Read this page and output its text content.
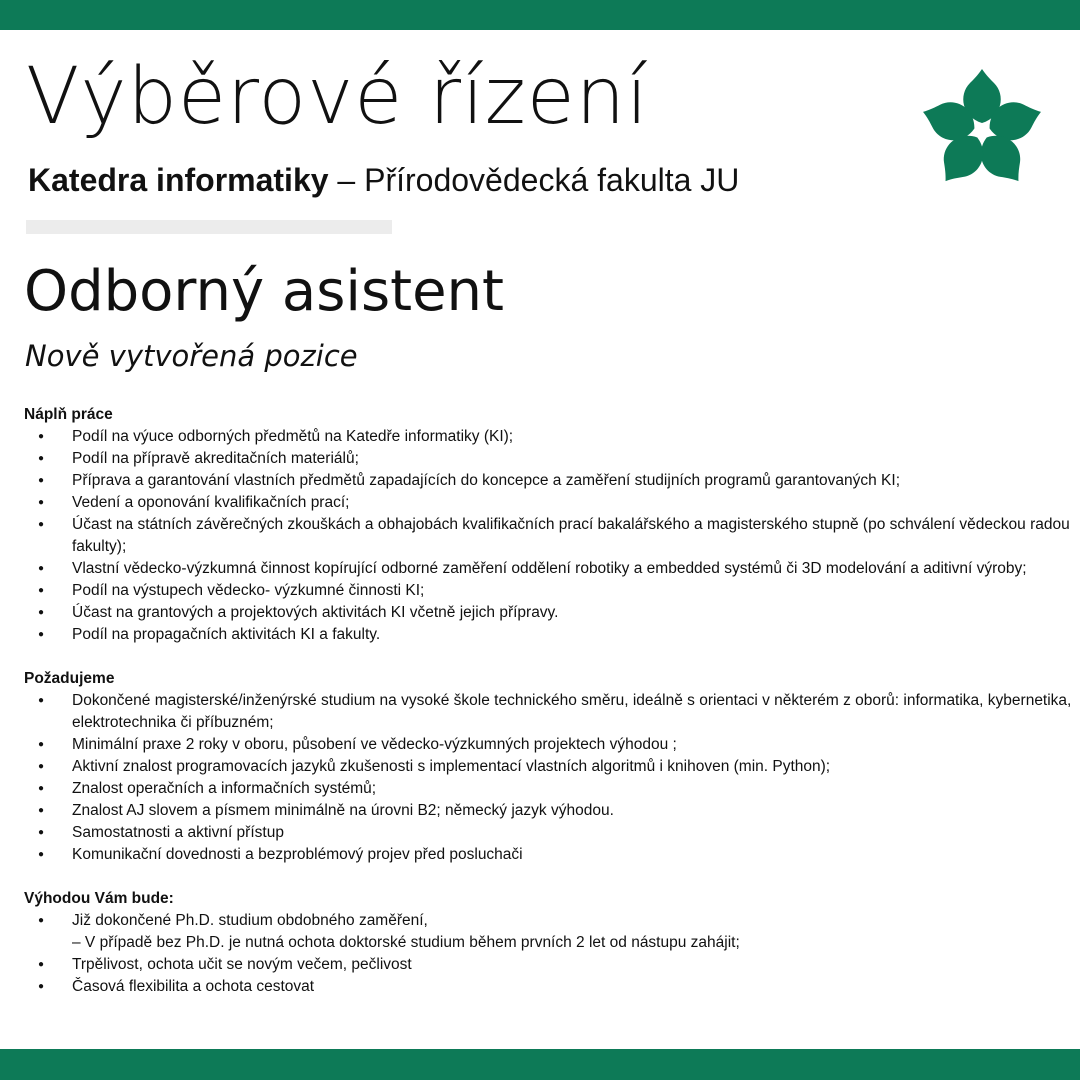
Výběrové řízení
Katedra informatiky – Přírodovědecká fakulta JU
Odborný asistent
Nově vytvořená pozice

Náplň práce

● Podíl na výuce odborných předmětů na Katedře informatiky (KI);
● Podíl na přípravě akreditačních materiálů;
● Příprava a garantování vlastních předmětů zapadajících do koncepce a zaměření studijních programů garantovaných KI;
● Vedení a oponování kvalifikačních prací;
● Účast na státních závěrečných zkouškách a obhajobách kvalifikačních prací bakalářského a magisterského stupně (po schválení vědeckou radou fakulty);
● Vlastní vědecko-výzkumná činnost kopírující odborné zaměření oddělení robotiky a embedded systémů či 3D modelování a aditivní výroby;
● Podíl na výstupech vědecko- výzkumné činnosti KI;
● Účast na grantových a projektových aktivitách KI včetně jejich přípravy.
● Podíl na propagačních aktivitách KI a fakulty.

Požadujeme

● Dokončené magisterské/inženýrské studium na vysoké škole technického směru, ideálně s orientaci v některém z oborů: informatika, kybernetika, elektrotechnika či příbuzném;
● Minimální praxe 2 roky v oboru, působení ve vědecko-výzkumných projektech výhodou ;
● Aktivní znalost programovacích jazyků zkušenosti s implementací vlastních algoritmů i knihoven (min. Python);
● Znalost operačních a informačních systémů;
● Znalost AJ slovem a písmem minimálně na úrovni B2; německý jazyk výhodou.
● Samostatnosti a aktivní přístup
● Komunikační dovednosti a bezproblémový projev před posluchači

Výhodou Vám bude:

● Již dokončené Ph.D. studium obdobného zaměření,
– V případě bez Ph.D. je nutná ochota doktorské studium během prvních 2 let od nástupu zahájit;
● Trpělivost, ochota učit se novým večem, pečlivost
● Časová flexibilita a ochota cestovat
